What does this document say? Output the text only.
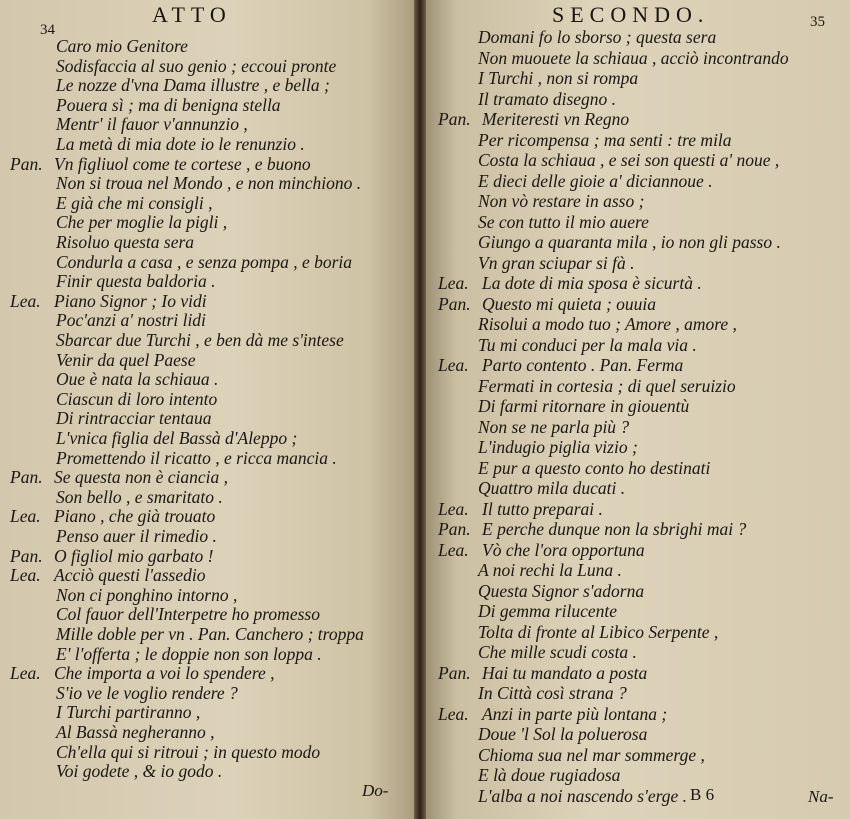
ATTO
34
Caro mio Genitore
Sodisfaccia al suo genio ; eccoui pronte
Le nozze d'vna Dama illustre , e bella ;
Pouera sì ; ma di benigna stella
Mentr' il fauor v'annunzio ,
La metà di mia dote io le renunzio .
Pan. Vn figliuol come te cortese , e buono
Non si troua nel Mondo , e non minchiono .
E già che mi consigli ,
Che per moglie la pigli ,
Risoluo questa sera
Condurla a casa , e senza pompa , e boria
Finir questa baldoria .
Lea. Piano Signor ; Io vidi
Poc'anzi a' nostri lidi
Sbarcar due Turchi , e ben dà me s'intese
Venir da quel Paese
Oue è nata la schiaua .
Ciascun di loro intento
Di rintracciar tentaua
L'vnica figlia del Bassà d'Aleppo ;
Promettendo il ricatto , e ricca mancia .
Pan. Se questa non è ciancia ,
Son bello , e smaritato .
Lea. Piano , che già trouato
Penso auer il rimedio .
Pan. O figliol mio garbato !
Lea. Acciò questi l'assedio
Non ci ponghino intorno ,
Col fauor dell'Interpetre ho promesso
Mille doble per vn . Pan. Canchero ; troppa
E' l'offerta ; le doppie non son loppa .
Lea. Che importa a voi lo spendere ,
S'io ve le voglio rendere ?
I Turchi partiranno ,
Al Bassà negheranno ,
Ch'ella qui si ritroui ; in questo modo
Voi godete , & io godo .
Do-
SECONDO.	35
Domani fo lo sborso ; questa sera
Non muouete la schiaua , acciò incontrando
I Turchi , non si rompa
Il tramato disegno .
Pan. Meriteresti vn Regno
Per ricompensa ; ma senti : tre mila
Costa la schiaua , e sei son questi a' noue ,
E dieci delle gioie a' diciannoue .
Non vò restare in asso ;
Se con tutto il mio auere
Giungo a quaranta mila , io non gli passo .
Vn gran sciupar si fà .
Lea. La dote di mia sposa è sicurtà .
Pan. Questo mi quieta ; ouuia
Risolui a modo tuo ; Amore , amore ,
Tu mi conduci per la mala via .
Lea. Parto contento . Pan. Ferma
Fermati in cortesia ; di quel seruizio
Di farmi ritornare in giouentù
Non se ne parla più ?
L'indugio piglia vizio ;
E pur a questo conto ho destinati
Quattro mila ducati .
Lea. Il tutto preparai .
Pan. E perche dunque non la sbrighi mai ?
Lea. Vò che l'ora opportuna
A noi rechi la Luna .
Questa Signor s'adorna
Di gemma rilucente
Tolta di fronte al Libico Serpente ,
Che mille scudi costa .
Pan. Hai tu mandato a posta
In Città così strana ?
Lea. Anzi in parte più lontana ;
Doue 'l Sol la poluerosa
Chioma sua nel mar sommerge ,
E là doue rugiadosa
L'alba a noi nascendo s'erge . B 6	Na-
